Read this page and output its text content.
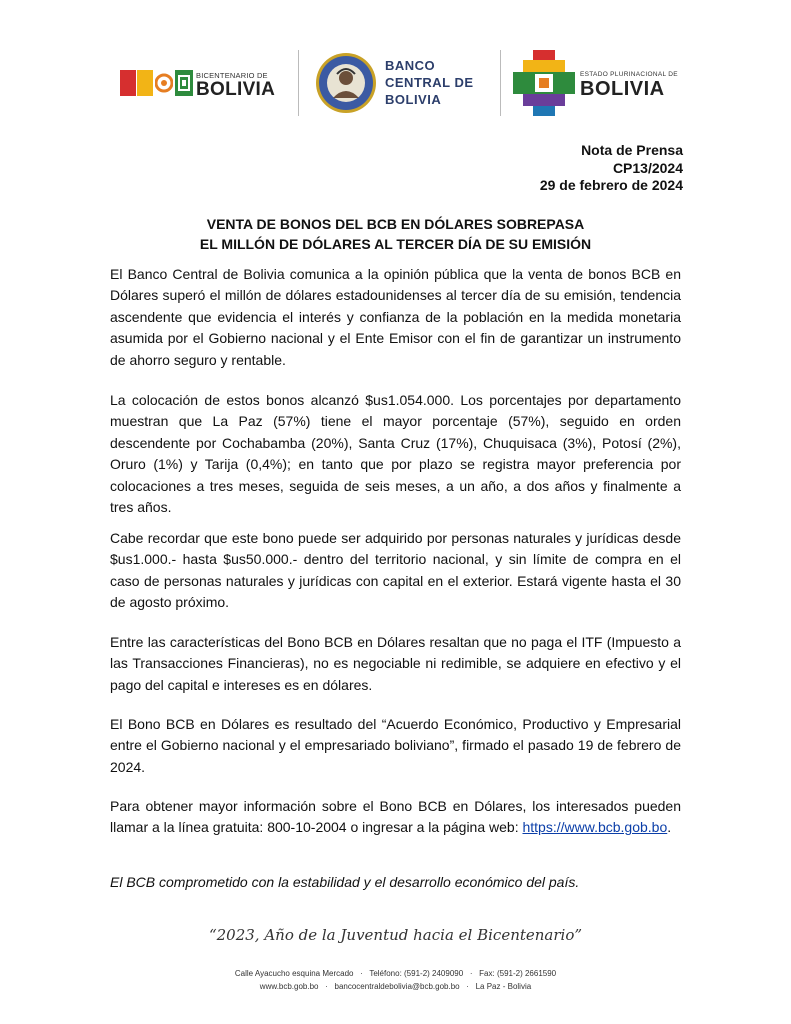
BICENTENARIO DE
BOLIVIA
BANCO
CENTRAL DE
BOLIVIA
ESTADO PLURINACIONAL DE
BOLIVIA
Nota de Prensa
CP13/2024
29 de febrero de 2024
VENTA DE BONOS DEL BCB EN DÓLARES SOBREPASA
EL MILLÓN DE DÓLARES AL TERCER DÍA DE SU EMISIÓN
El Banco Central de Bolivia comunica a la opinión pública que la venta de bonos BCB en Dólares superó el millón de dólares estadounidenses al tercer día de su emisión, tendencia ascendente que evidencia el interés y confianza de la población en la medida monetaria asumida por el Gobierno nacional y el Ente Emisor con el fin de garantizar un instrumento de ahorro seguro y rentable.
La colocación de estos bonos alcanzó $us1.054.000. Los porcentajes por departamento muestran que La Paz (57%) tiene el mayor porcentaje (57%), seguido en orden descendente por Cochabamba (20%), Santa Cruz (17%), Chuquisaca (3%), Potosí (2%), Oruro (1%) y Tarija (0,4%); en tanto que por plazo se registra mayor preferencia por colocaciones a tres meses, seguida de seis meses, a un año, a dos años y finalmente a tres años.
Cabe recordar que este bono puede ser adquirido por personas naturales y jurídicas desde $us1.000.- hasta $us50.000.- dentro del territorio nacional, y sin límite de compra en el caso de personas naturales y jurídicas con capital en el exterior. Estará vigente hasta el 30 de agosto próximo.
Entre las características del Bono BCB en Dólares resaltan que no paga el ITF (Impuesto a las Transacciones Financieras), no es negociable ni redimible, se adquiere en efectivo y el pago del capital e intereses es en dólares.
El Bono BCB en Dólares es resultado del “Acuerdo Económico, Productivo y Empresarial entre el Gobierno nacional y el empresariado boliviano”, firmado el pasado 19 de febrero de 2024.
Para obtener mayor información sobre el Bono BCB en Dólares, los interesados pueden llamar a la línea gratuita: 800-10-2004 o ingresar a la página web: https://www.bcb.gob.bo.
El BCB comprometido con la estabilidad y el desarrollo económico del país.
“2023, Año de la Juventud hacia el Bicentenario”
Calle Ayacucho esquina Mercado   ·   Teléfono: (591-2) 2409090   ·   Fax: (591-2) 2661590
www.bcb.gob.bo   ·   bancocentraldebolivia@bcb.gob.bo   ·   La Paz - Bolivia
